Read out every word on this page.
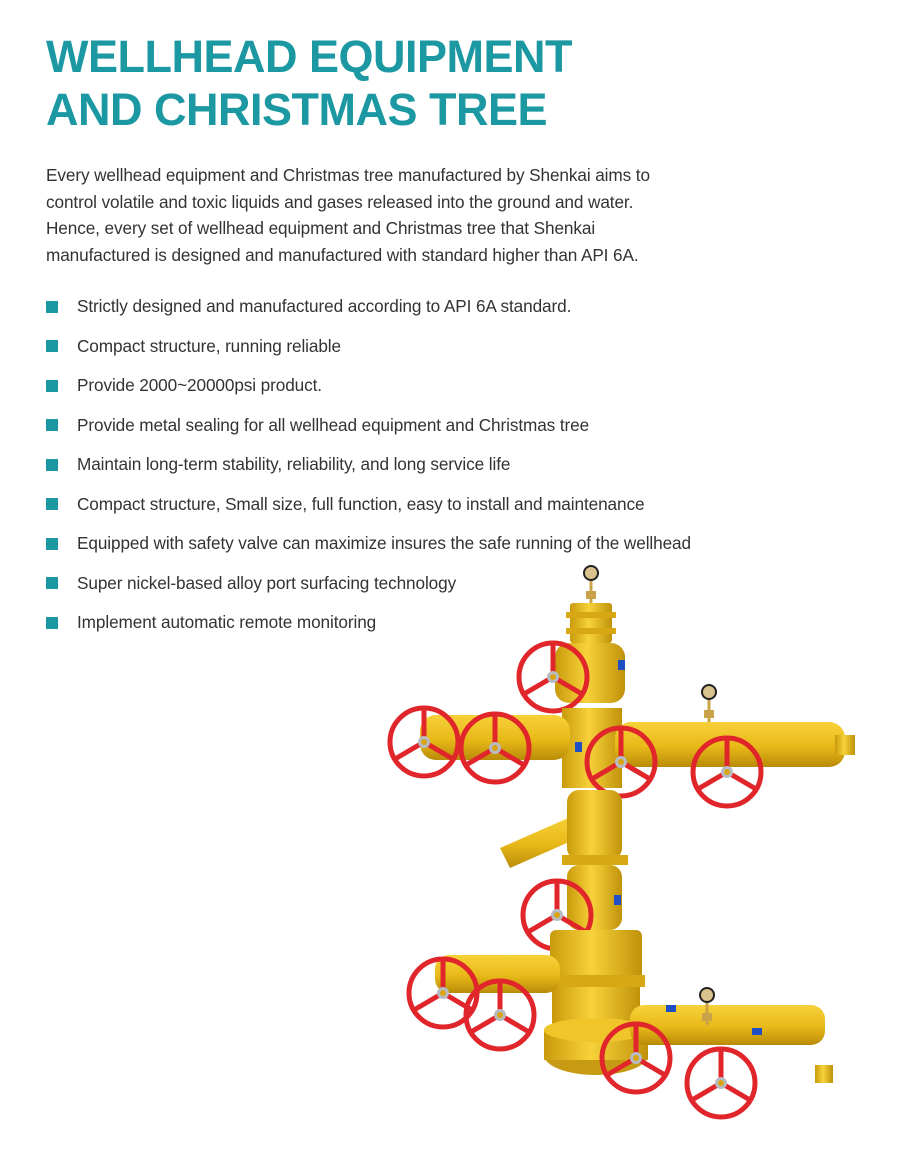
WELLHEAD EQUIPMENT
AND CHRISTMAS TREE
Every wellhead equipment and Christmas tree manufactured by Shenkai aims to
control volatile and toxic liquids and gases released into the ground and water.
Hence, every set of wellhead equipment and Christmas tree that Shenkai
manufactured is designed and manufactured with standard higher than API 6A.
Strictly designed and manufactured according to API 6A standard.
Compact structure, running reliable
Provide 2000~20000psi product.
Provide metal sealing for all wellhead equipment and Christmas tree
Maintain long-term stability, reliability, and long service life
Compact structure, Small size, full function, easy to install and maintenance
Equipped with safety valve can maximize insures the safe running of the wellhead
Super nickel-based alloy port surfacing technology
Implement automatic remote monitoring
